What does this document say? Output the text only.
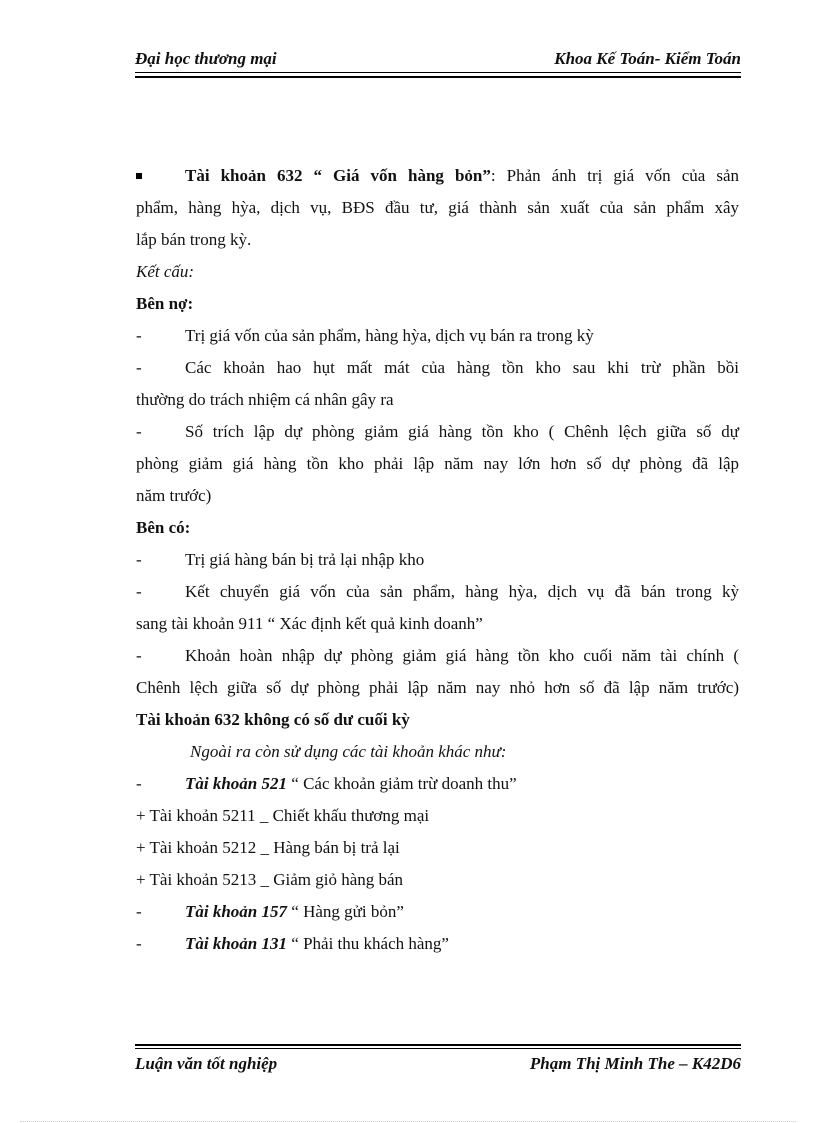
Đại học thương mại	Khoa Kế Toán- Kiểm Toán
Tài khoản 632 “ Giá vốn hàng bỏn”: Phản ánh trị giá vốn của sản
phẩm, hàng hỳa, dịch vụ, BĐS đầu tư, giá thành sản xuất của sản phẩm xây
lắp bán trong kỳ.
Kết cấu:
Bên nợ:
-	Trị giá vốn của sản phẩm, hàng hỳa, dịch vụ bán ra trong kỳ
-	Các khoản hao hụt mất mát của hàng tồn kho sau khi trừ phần bồi
thường do trách nhiệm cá nhân gây ra
-	Số trích lập dự phòng giảm giá hàng tồn kho ( Chênh lệch giữa số dự
phòng giảm giá hàng tồn kho phải lập năm nay lớn hơn số dự phòng đã lập
năm trước)
Bên có:
-	Trị giá hàng bán bị trả lại nhập kho
-	Kết chuyển giá vốn của sản phẩm, hàng hỳa, dịch vụ đã bán trong kỳ
sang tài khoản 911 “ Xác định kết quả kinh doanh”
-	Khoản hoàn nhập dự phòng giảm giá hàng tồn kho cuối năm tài chính (
Chênh lệch giữa số dự phòng phải lập năm nay nhỏ hơn số đã lập năm trước)
Tài khoản 632 không có số dư cuối kỳ
Ngoài ra còn sử dụng các tài khoản khác như:
-	Tài khoản 521 “ Các khoản giảm trừ doanh thu”
+ Tài khoản 5211 _ Chiết khấu thương mại
+ Tài khoản 5212 _ Hàng bán bị trả lại
+ Tài khoản 5213 _ Giảm giỏ hàng bán
-	Tài khoản 157 “ Hàng gửi bỏn”
-	Tài khoản 131 “ Phải thu khách hàng”
Luận văn tốt nghiệp	Phạm Thị Minh The – K42D6
